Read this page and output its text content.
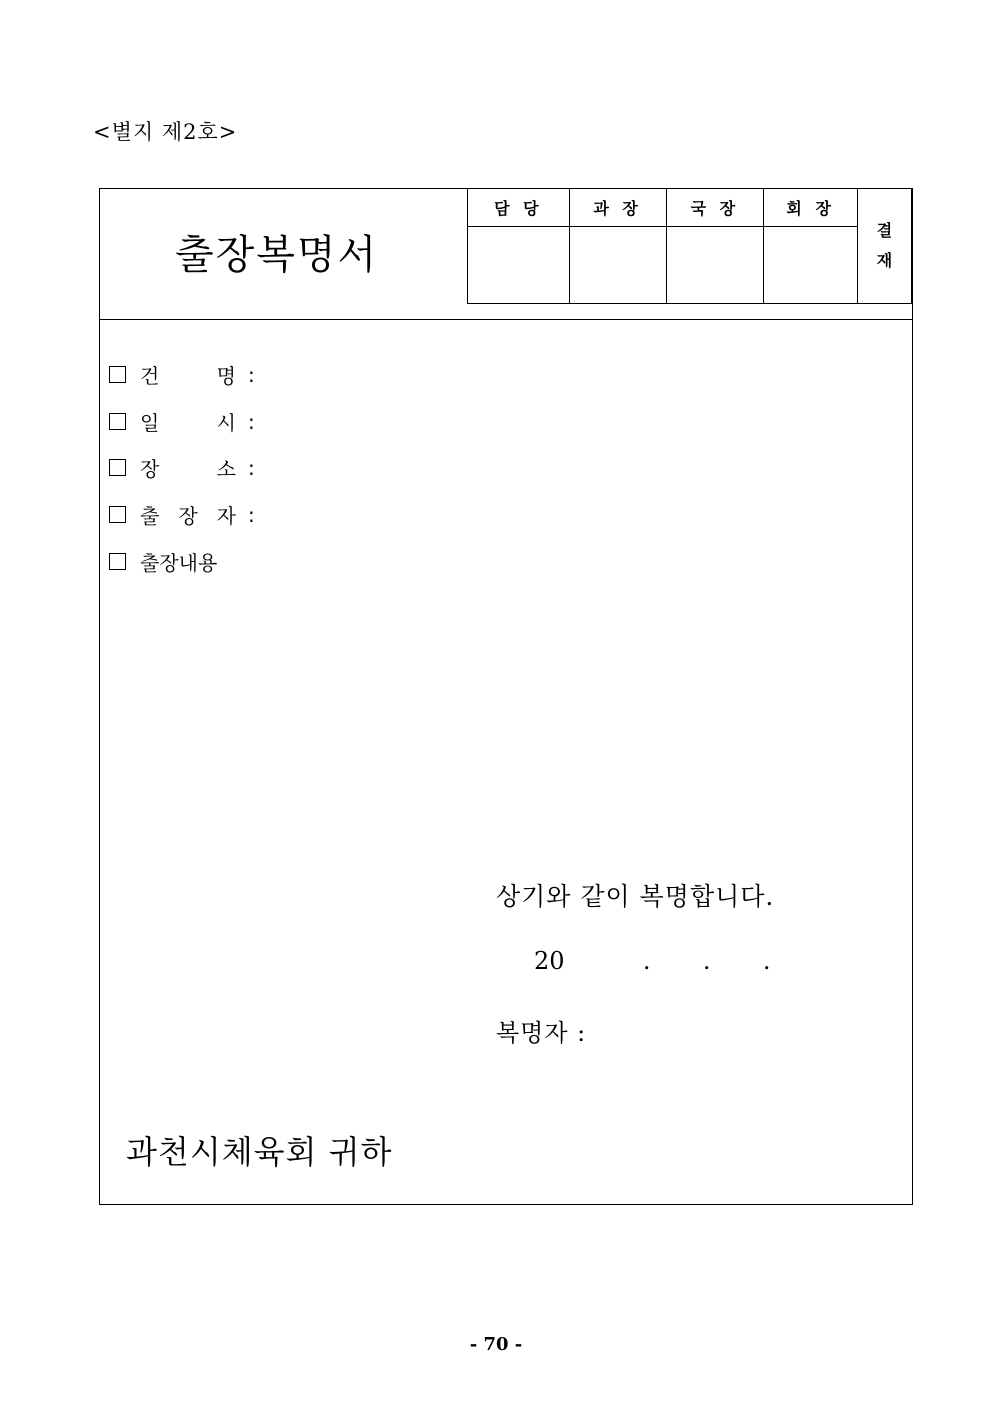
<별지 제2호>
출장복명서
담 당	과 장	국 장	회 장	결
재

건 명 :
일 시 :
장 소 :
출 장 자 :
출장내용
상기와 같이 복명합니다.
20	.	.	.
복명자 :
과천시체육회 귀하
- 70 -
